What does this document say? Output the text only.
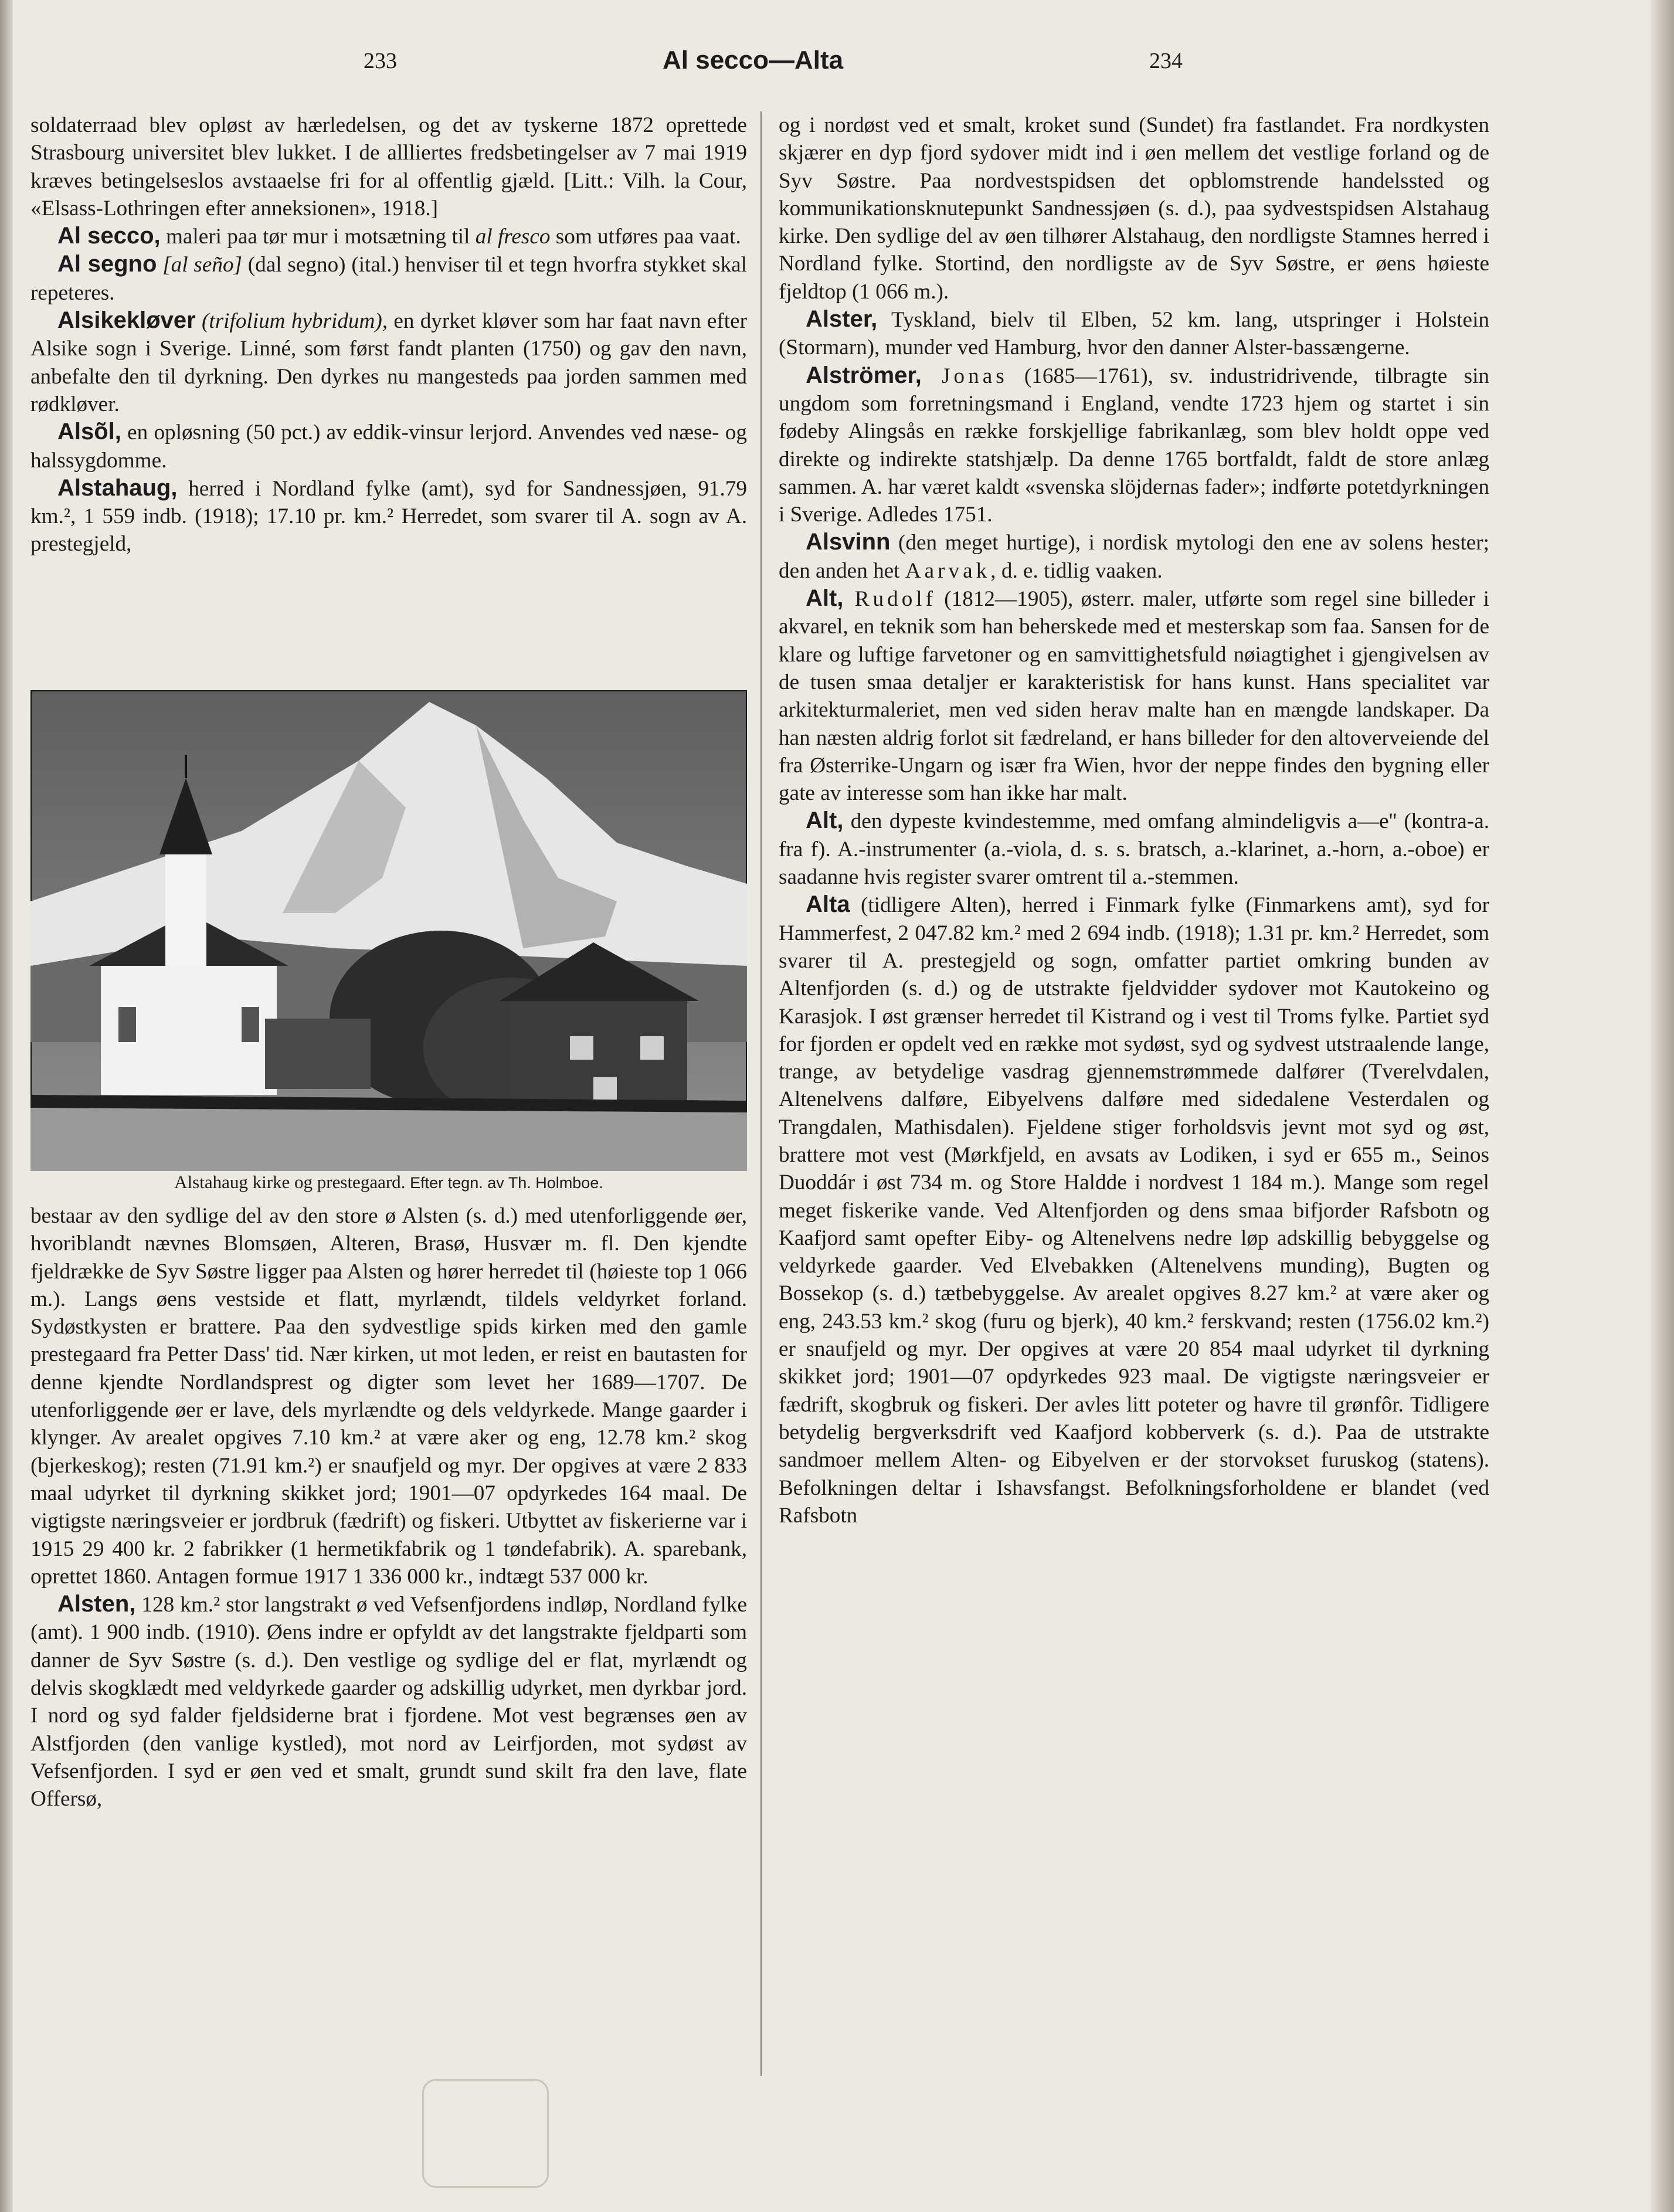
233	Al secco—Alta	234

soldaterraad blev opløst av hærledelsen, og det av tyskerne 1872 oprettede Strasbourg universitet blev lukket. I de allliertes fredsbetingelser av 7 mai 1919 kræves betingelseslos avstaaelse fri for al offentlig gjæld. [Litt.: Vilh. la Cour, «Elsass-Lothringen efter anneksionen», 1918.]

Al secco, maleri paa tør mur i motsætning til al fresco som utføres paa vaat.

Al segno [al seño] (dal segno) (ital.) henviser til et tegn hvorfra stykket skal repeteres.

Alsikekløver (trifolium hybridum), en dyrket kløver som har faat navn efter Alsike sogn i Sverige. Linné, som først fandt planten (1750) og gav den navn, anbefalte den til dyrkning. Den dyrkes nu mangesteds paa jorden sammen med rødkløver.

Alsõl, en opløsning (50 pct.) av eddik-vinsur lerjord. Anvendes ved næse- og halssygdomme.

Alstahaug, herred i Nordland fylke (amt), syd for Sandnessjøen, 91.79 km.², 1 559 indb. (1918); 17.10 pr. km.² Herredet, som svarer til A. sogn av A. prestegjeld,

Alstahaug kirke og prestegaard. Efter tegn. av Th. Holmboe.

bestaar av den sydlige del av den store ø Alsten (s. d.) med utenforliggende øer, hvoriblandt nævnes Blomsøen, Alteren, Brasø, Husvær m. fl. Den kjendte fjeldrække de Syv Søstre ligger paa Alsten og hører herredet til (høieste top 1 066 m.). Langs øens vestside et flatt, myrlændt, tildels veldyrket forland. Sydøstkysten er brattere. Paa den sydvestlige spids kirken med den gamle prestegaard fra Petter Dass' tid. Nær kirken, ut mot leden, er reist en bautasten for denne kjendte Nordlandsprest og digter som levet her 1689—1707. De utenforliggende øer er lave, dels myrlændte og dels veldyrkede. Mange gaarder i klynger. Av arealet opgives 7.10 km.² at være aker og eng, 12.78 km.² skog (bjerkeskog); resten (71.91 km.²) er snaufjeld og myr. Der opgives at være 2 833 maal udyrket til dyrkning skikket jord; 1901—07 opdyrkedes 164 maal. De vigtigste næringsveier er jordbruk (fædrift) og fiskeri. Utbyttet av fiskerierne var i 1915 29 400 kr. 2 fabrikker (1 hermetikfabrik og 1 tøndefabrik). A. sparebank, oprettet 1860. Antagen formue 1917 1 336 000 kr., indtægt 537 000 kr.

Alsten, 128 km.² stor langstrakt ø ved Vefsenfjordens indløp, Nordland fylke (amt). 1 900 indb. (1910). Øens indre er opfyldt av det langstrakte fjeldparti som danner de Syv Søstre (s. d.). Den vestlige og sydlige del er flat, myrlændt og delvis skogklædt med veldyrkede gaarder og adskillig udyrket, men dyrkbar jord. I nord og syd falder fjeldsiderne brat i fjordene. Mot vest begrænses øen av Alstfjorden (den vanlige kystled), mot nord av Leirfjorden, mot sydøst av Vefsenfjorden. I syd er øen ved et smalt, grundt sund skilt fra den lave, flate Offersø,

og i nordøst ved et smalt, kroket sund (Sundet) fra fastlandet. Fra nordkysten skjærer en dyp fjord sydover midt ind i øen mellem det vestlige forland og de Syv Søstre. Paa nordvestspidsen det opblomstrende handelssted og kommunikationsknutepunkt Sandnessjøen (s. d.), paa sydvestspidsen Alstahaug kirke. Den sydlige del av øen tilhører Alstahaug, den nordligste Stamnes herred i Nordland fylke. Stortind, den nordligste av de Syv Søstre, er øens høieste fjeldtop (1 066 m.).

Alster, Tyskland, bielv til Elben, 52 km. lang, utspringer i Holstein (Stormarn), munder ved Hamburg, hvor den danner Alster-bassængerne.

Alströmer, Jonas (1685—1761), sv. industridrivende, tilbragte sin ungdom som forretningsmand i England, vendte 1723 hjem og startet i sin fødeby Alingsås en række forskjellige fabrikanlæg, som blev holdt oppe ved direkte og indirekte statshjælp. Da denne 1765 bortfaldt, faldt de store anlæg sammen. A. har været kaldt «svenska slöjdernas fader»; indførte potetdyrkningen i Sverige. Adledes 1751.

Alsvinn (den meget hurtige), i nordisk mytologi den ene av solens hester; den anden het Aarvak, d. e. tidlig vaaken.

Alt, Rudolf (1812—1905), østerr. maler, utførte som regel sine billeder i akvarel, en teknik som han beherskede med et mesterskap som faa. Sansen for de klare og luftige farvetoner og en samvittighetsfuld nøiagtighet i gjengivelsen av de tusen smaa detaljer er karakteristisk for hans kunst. Hans specialitet var arkitekturmaleriet, men ved siden herav malte han en mængde landskaper. Da han næsten aldrig forlot sit fædreland, er hans billeder for den altoverveiende del fra Østerrike-Ungarn og især fra Wien, hvor der neppe findes den bygning eller gate av interesse som han ikke har malt.

Alt, den dypeste kvindestemme, med omfang almindeligvis a—e'' (kontra-a. fra f). A.-instrumenter (a.-viola, d. s. s. bratsch, a.-klarinet, a.-horn, a.-oboe) er saadanne hvis register svarer omtrent til a.-stemmen.

Alta (tidligere Alten), herred i Finmark fylke (Finmarkens amt), syd for Hammerfest, 2 047.82 km.² med 2 694 indb. (1918); 1.31 pr. km.² Herredet, som svarer til A. prestegjeld og sogn, omfatter partiet omkring bunden av Altenfjorden (s. d.) og de utstrakte fjeldvidder sydover mot Kautokeino og Karasjok. I øst grænser herredet til Kistrand og i vest til Troms fylke. Partiet syd for fjorden er opdelt ved en række mot sydøst, syd og sydvest utstraalende lange, trange, av betydelige vasdrag gjennemstrømmede dalfører (Tverelvdalen, Altenelvens dalføre, Eibyelvens dalføre med sidedalene Vesterdalen og Trangdalen, Mathisdalen). Fjeldene stiger forholdsvis jevnt mot syd og øst, brattere mot vest (Mørkfjeld, en avsats av Lodiken, i syd er 655 m., Seinos Duoddár i øst 734 m. og Store Haldde i nordvest 1 184 m.). Mange som regel meget fiskerike vande. Ved Altenfjorden og dens smaa bifjorder Rafsbotn og Kaafjord samt opefter Eiby- og Altenelvens nedre løp adskillig bebyggelse og veldyrkede gaarder. Ved Elvebakken (Altenelvens munding), Bugten og Bossekop (s. d.) tætbebyggelse. Av arealet opgives 8.27 km.² at være aker og eng, 243.53 km.² skog (furu og bjerk), 40 km.² ferskvand; resten (1756.02 km.²) er snaufjeld og myr. Der opgives at være 20 854 maal udyrket til dyrkning skikket jord; 1901—07 opdyrkedes 923 maal. De vigtigste næringsveier er fædrift, skogbruk og fiskeri. Der avles litt poteter og havre til grønfôr. Tidligere betydelig bergverksdrift ved Kaafjord kobberverk (s. d.). Paa de utstrakte sandmoer mellem Alten- og Eibyelven er der storvokset furuskog (statens). Befolkningen deltar i Ishavsfangst. Befolkningsforholdene er blandet (ved Rafsbotn
